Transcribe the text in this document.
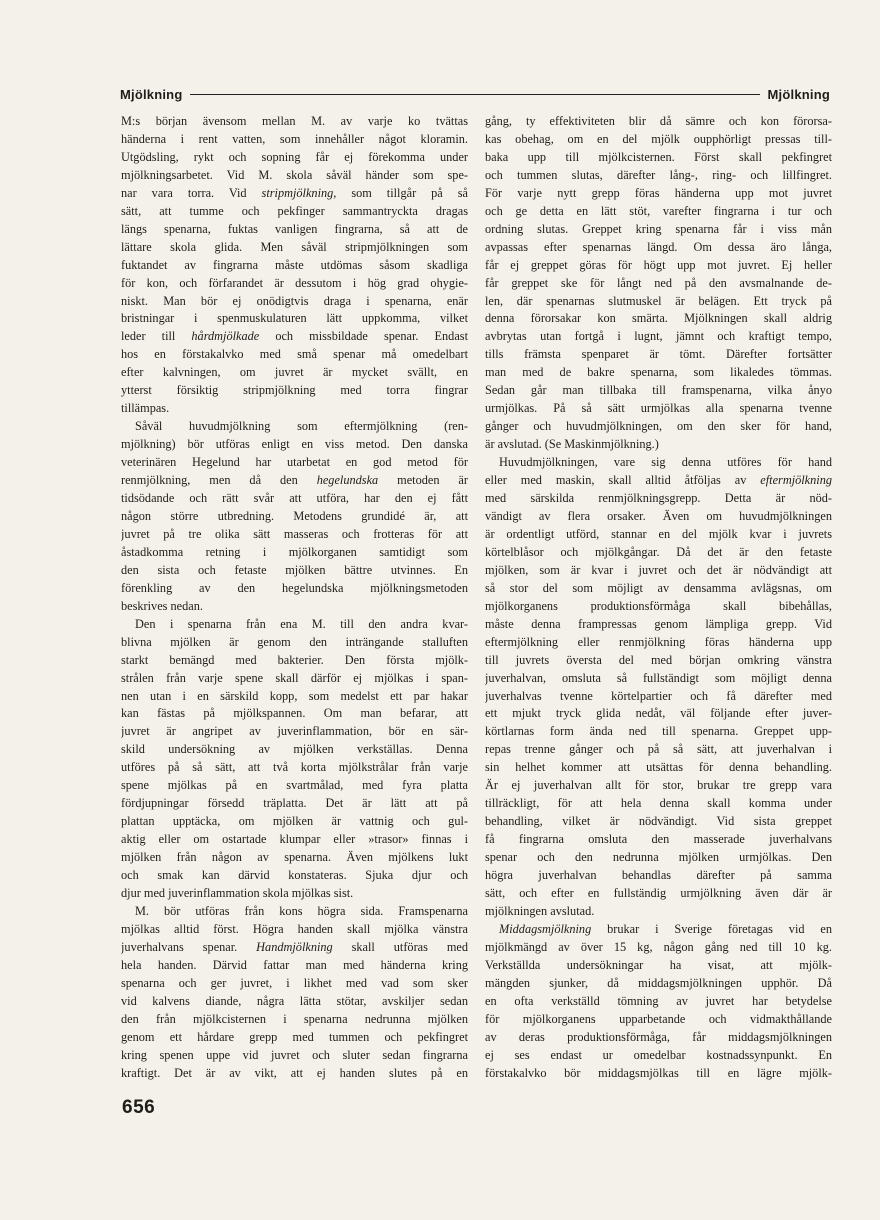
Mjölkning	Mjölkning
M:s början ävensom mellan M. av varje ko tvättas
händerna i rent vatten, som innehåller något kloramin.
Utgödsling, rykt och sopning får ej förekomma under
mjölkningsarbetet. Vid M. skola såväl händer som spe-
nar vara torra. Vid stripmjölkning, som tillgår på så
sätt, att tumme och pekfinger sammantryckta dragas
längs spenarna, fuktas vanligen fingrarna, så att de
lättare skola glida. Men såväl stripmjölkningen som
fuktandet av fingrarna måste utdömas såsom skadliga
för kon, och förfarandet är dessutom i hög grad ohygie-
niskt. Man bör ej onödigtvis draga i spenarna, enär
bristningar i spenmuskulaturen lätt uppkomma, vilket
leder till hårdmjölkade och missbildade spenar. Endast
hos en förstakalvko med små spenar må omedelbart
efter kalvningen, om juvret är mycket svällt, en
ytterst försiktig stripmjölkning med torra fingrar
tillämpas.
Såväl huvudmjölkning som eftermjölkning (ren-
mjölkning) bör utföras enligt en viss metod. Den danska
veterinären Hegelund har utarbetat en god metod för
renmjölkning, men då den hegelundska metoden är
tidsödande och rätt svår att utföra, har den ej fått
någon större utbredning. Metodens grundidé är, att
juvret på tre olika sätt masseras och frotteras för att
åstadkomma retning i mjölkorganen samtidigt som
den sista och fetaste mjölken bättre utvinnes. En
förenkling av den hegelundska mjölkningsmetoden
beskrives nedan.
Den i spenarna från ena M. till den andra kvar-
blivna mjölken är genom den inträngande stalluften
starkt bemängd med bakterier. Den första mjölk-
strålen från varje spene skall därför ej mjölkas i span-
nen utan i en särskild kopp, som medelst ett par hakar
kan fästas på mjölkspannen. Om man befarar, att
juvret är angripet av juverinflammation, bör en sär-
skild undersökning av mjölken verkställas. Denna
utföres på så sätt, att två korta mjölkstrålar från varje
spene mjölkas på en svartmålad, med fyra platta
fördjupningar försedd träplatta. Det är lätt att på
plattan upptäcka, om mjölken är vattnig och gul-
aktig eller om ostartade klumpar eller »trasor» finnas i
mjölken från någon av spenarna. Även mjölkens lukt
och smak kan därvid konstateras. Sjuka djur och
djur med juverinflammation skola mjölkas sist.
M. bör utföras från kons högra sida. Framspenarna
mjölkas alltid först. Högra handen skall mjölka vänstra
juverhalvans spenar. Handmjölkning skall utföras med
hela handen. Därvid fattar man med händerna kring
spenarna och ger juvret, i likhet med vad som sker
vid kalvens diande, några lätta stötar, avskiljer sedan
den från mjölkcisternen i spenarna nedrunna mjölken
genom ett hårdare grepp med tummen och pekfingret
kring spenen uppe vid juvret och sluter sedan fingrarna
kraftigt. Det är av vikt, att ej handen slutes på en
gång, ty effektiviteten blir då sämre och kon förorsa-
kas obehag, om en del mjölk oupphörligt pressas till-
baka upp till mjölkcisternen. Först skall pekfingret
och tummen slutas, därefter lång-, ring- och lillfingret.
För varje nytt grepp föras händerna upp mot juvret
och ge detta en lätt stöt, varefter fingrarna i tur och
ordning slutas. Greppet kring spenarna får i viss mån
avpassas efter spenarnas längd. Om dessa äro långa,
får ej greppet göras för högt upp mot juvret. Ej heller
får greppet ske för långt ned på den avsmalnande de-
len, där spenarnas slutmuskel är belägen. Ett tryck på
denna förorsakar kon smärta. Mjölkningen skall aldrig
avbrytas utan fortgå i lugnt, jämnt och kraftigt tempo,
tills främsta spenparet är tömt. Därefter fortsätter
man med de bakre spenarna, som likaledes tömmas.
Sedan går man tillbaka till framspenarna, vilka ånyo
urmjölkas. På så sätt urmjölkas alla spenarna tvenne
gånger och huvudmjölkningen, om den sker för hand,
är avslutad. (Se Maskinmjölkning.)
Huvudmjölkningen, vare sig denna utföres för hand
eller med maskin, skall alltid åtföljas av eftermjölkning
med särskilda renmjölkningsgrepp. Detta är nöd-
vändigt av flera orsaker. Även om huvudmjölkningen
är ordentligt utförd, stannar en del mjölk kvar i juvrets
körtelblåsor och mjölkgångar. Då det är den fetaste
mjölken, som är kvar i juvret och det är nödvändigt att
så stor del som möjligt av densamma avlägsnas, om
mjölkorganens produktionsförmåga skall bibehållas,
måste denna frampressas genom lämpliga grepp. Vid
eftermjölkning eller renmjölkning föras händerna upp
till juvrets översta del med början omkring vänstra
juverhalvan, omsluta så fullständigt som möjligt denna
juverhalvas tvenne körtelpartier och få därefter med
ett mjukt tryck glida nedåt, väl följande efter juver-
körtlarnas form ända ned till spenarna. Greppet upp-
repas trenne gånger och på så sätt, att juverhalvan i
sin helhet kommer att utsättas för denna behandling.
Är ej juverhalvan allt för stor, brukar tre grepp vara
tillräckligt, för att hela denna skall komma under
behandling, vilket är nödvändigt. Vid sista greppet
få fingrarna omsluta den masserade juverhalvans
spenar och den nedrunna mjölken urmjölkas. Den
högra juverhalvan behandlas därefter på samma
sätt, och efter en fullständig urmjölkning även där är
mjölkningen avslutad.
Middagsmjölkning brukar i Sverige företagas vid en
mjölkmängd av över 15 kg, någon gång ned till 10 kg.
Verkställda undersökningar ha visat, att mjölk-
mängden sjunker, då middagsmjölkningen upphör. Då
en ofta verkställd tömning av juvret har betydelse
för mjölkorganens upparbetande och vidmakthållande
av deras produktionsförmåga, får middagsmjölkningen
ej ses endast ur omedelbar kostnadssynpunkt. En
förstakalvko bör middagsmjölkas till en lägre mjölk-
656
